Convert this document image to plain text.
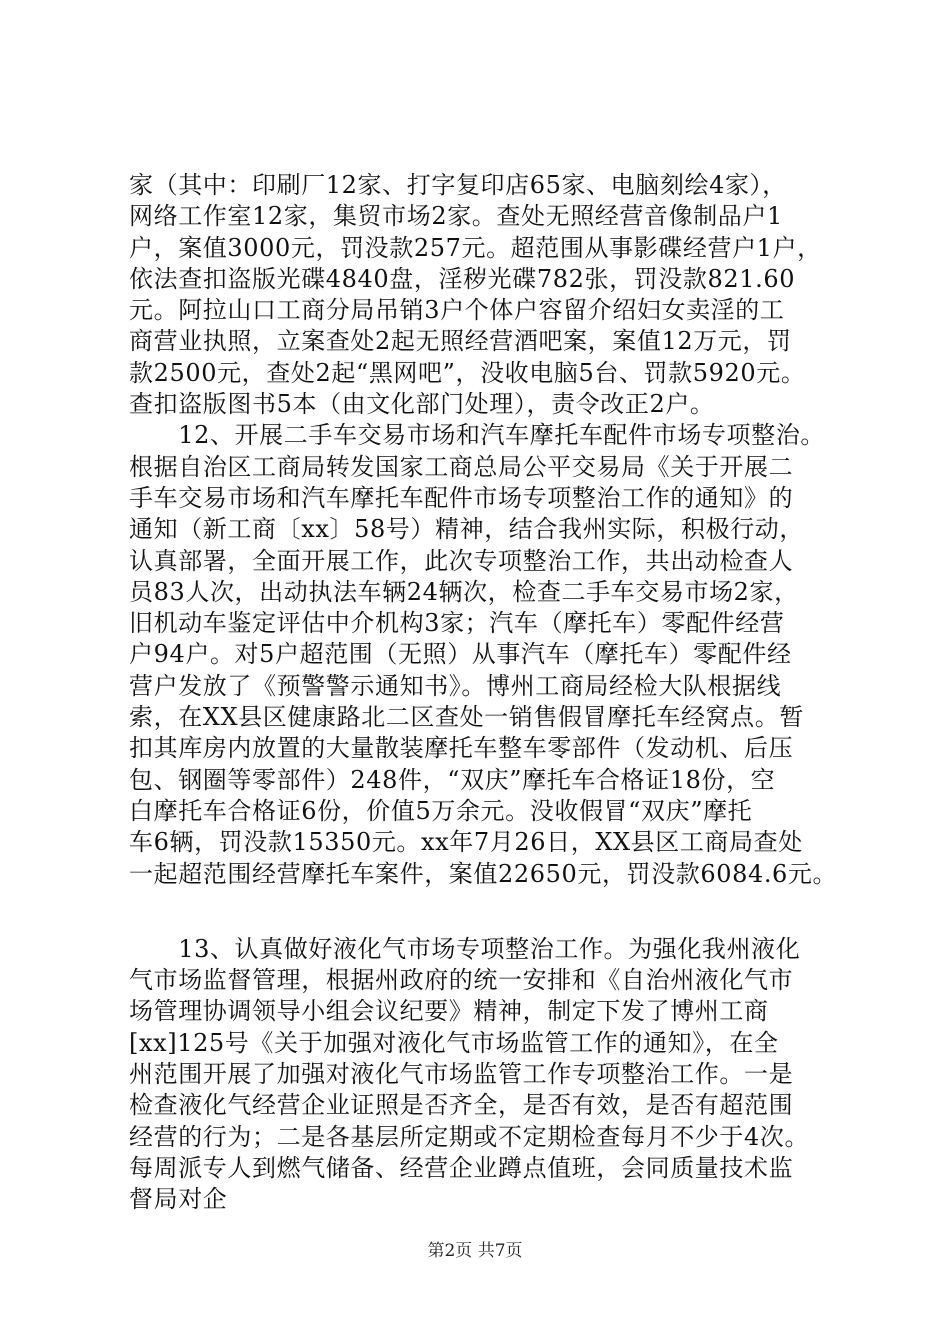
家（其中：印刷厂12家、打字复印店65家、电脑刻绘4家），
网络工作室12家，集贸市场2家。查处无照经营音像制品户1
户，案值3000元，罚没款257元。超范围从事影碟经营户1户，
依法查扣盗版光碟4840盘，淫秽光碟782张，罚没款821.60
元。阿拉山口工商分局吊销3户个体户容留介绍妇女卖淫的工
商营业执照，立案查处2起无照经营酒吧案，案值12万元，罚
款2500元，查处2起“黑网吧”，没收电脑5台、罚款5920元。
查扣盗版图书5本（由文化部门处理），责令改正2户。
　　12、开展二手车交易市场和汽车摩托车配件市场专项整治。
根据自治区工商局转发国家工商总局公平交易局《关于开展二
手车交易市场和汽车摩托车配件市场专项整治工作的通知》的
通知（新工商〔xx〕58号）精神，结合我州实际，积极行动，
认真部署，全面开展工作，此次专项整治工作，共出动检查人
员83人次，出动执法车辆24辆次，检查二手车交易市场2家，
旧机动车鉴定评估中介机构3家；汽车（摩托车）零配件经营
户94户。对5户超范围（无照）从事汽车（摩托车）零配件经
营户发放了《预警警示通知书》。博州工商局经检大队根据线
索，在XX县区健康路北二区查处一销售假冒摩托车经窝点。暂
扣其库房内放置的大量散装摩托车整车零部件（发动机、后压
包、钢圈等零部件）248件，“双庆”摩托车合格证18份，空
白摩托车合格证6份，价值5万余元。没收假冒“双庆”摩托
车6辆，罚没款15350元。xx年7月26日，XX县区工商局查处
一起超范围经营摩托车案件，案值22650元，罚没款6084.6元。
　　13、认真做好液化气市场专项整治工作。为强化我州液化
气市场监督管理，根据州政府的统一安排和《自治州液化气市
场管理协调领导小组会议纪要》精神，制定下发了博州工商
[xx]125号《关于加强对液化气市场监管工作的通知》，在全
州范围开展了加强对液化气市场监管工作专项整治工作。一是
检查液化气经营企业证照是否齐全，是否有效，是否有超范围
经营的行为；二是各基层所定期或不定期检查每月不少于4次。
每周派专人到燃气储备、经营企业蹲点值班，会同质量技术监
督局对企
第2页 共7页
